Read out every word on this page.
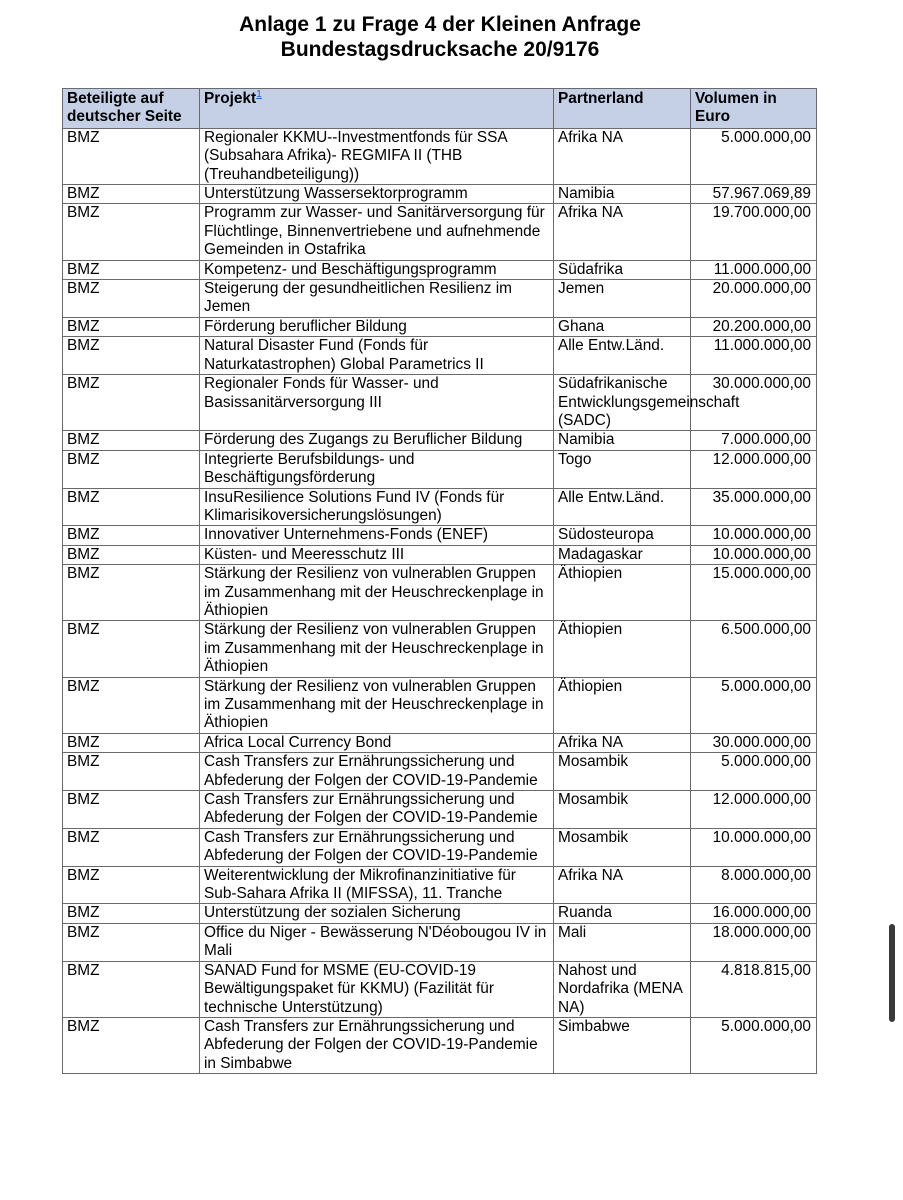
Anlage 1 zu Frage 4 der Kleinen Anfrage
Bundestagsdrucksache 20/9176
Beteiligte auf deutscher Seite	Projekt$^1$	Partnerland	Volumen in Euro
BMZ	Regionaler KKMU--Investmentfonds für SSA (Subsahara Afrika)- REGMIFA II (THB (Treuhandbeteiligung))	Afrika NA	5.000.000,00
BMZ	Unterstützung Wassersektorprogramm	Namibia	57.967.069,89
BMZ	Programm zur Wasser- und Sanitärversorgung für Flüchtlinge, Binnenvertriebene und aufnehmende Gemeinden in Ostafrika	Afrika NA	19.700.000,00
BMZ	Kompetenz- und Beschäftigungsprogramm	Südafrika	11.000.000,00
BMZ	Steigerung der gesundheitlichen Resilienz im Jemen	Jemen	20.000.000,00
BMZ	Förderung beruflicher Bildung	Ghana	20.200.000,00
BMZ	Natural Disaster Fund (Fonds für Naturkatastrophen) Global Parametrics II	Alle Entw.Länd.	11.000.000,00
BMZ	Regionaler Fonds für Wasser- und Basissanitärversorgung III	Südafrikanische Entwicklungsgemeinschaft (SADC)	30.000.000,00
BMZ	Förderung des Zugangs zu Beruflicher Bildung	Namibia	7.000.000,00
BMZ	Integrierte Berufsbildungs- und Beschäftigungsförderung	Togo	12.000.000,00
BMZ	InsuResilience Solutions Fund IV (Fonds für Klimarisikoversicherungslösungen)	Alle Entw.Länd.	35.000.000,00
BMZ	Innovativer Unternehmens-Fonds (ENEF)	Südosteuropa	10.000.000,00
BMZ	Küsten- und Meeresschutz III	Madagaskar	10.000.000,00
BMZ	Stärkung der Resilienz von vulnerablen Gruppen im Zusammenhang mit der Heuschreckenplage in Äthiopien	Äthiopien	15.000.000,00
BMZ	Stärkung der Resilienz von vulnerablen Gruppen im Zusammenhang mit der Heuschreckenplage in Äthiopien	Äthiopien	6.500.000,00
BMZ	Stärkung der Resilienz von vulnerablen Gruppen im Zusammenhang mit der Heuschreckenplage in Äthiopien	Äthiopien	5.000.000,00
BMZ	Africa Local Currency Bond	Afrika NA	30.000.000,00
BMZ	Cash Transfers zur Ernährungssicherung und Abfederung der Folgen der COVID-19-Pandemie	Mosambik	5.000.000,00
BMZ	Cash Transfers zur Ernährungssicherung und Abfederung der Folgen der COVID-19-Pandemie	Mosambik	12.000.000,00
BMZ	Cash Transfers zur Ernährungssicherung und Abfederung der Folgen der COVID-19-Pandemie	Mosambik	10.000.000,00
BMZ	Weiterentwicklung der Mikrofinanzinitiative für Sub-Sahara Afrika II (MIFSSA), 11. Tranche	Afrika NA	8.000.000,00
BMZ	Unterstützung der sozialen Sicherung	Ruanda	16.000.000,00
BMZ	Office du Niger - Bewässerung N'Déobougou IV in Mali	Mali	18.000.000,00
BMZ	SANAD Fund for MSME (EU-COVID-19 Bewältigungspaket für KKMU) (Fazilität für technische Unterstützung)	Nahost und Nordafrika (MENA NA)	4.818.815,00
BMZ	Cash Transfers zur Ernährungssicherung und Abfederung der Folgen der COVID-19-Pandemie in Simbabwe	Simbabwe	5.000.000,00
